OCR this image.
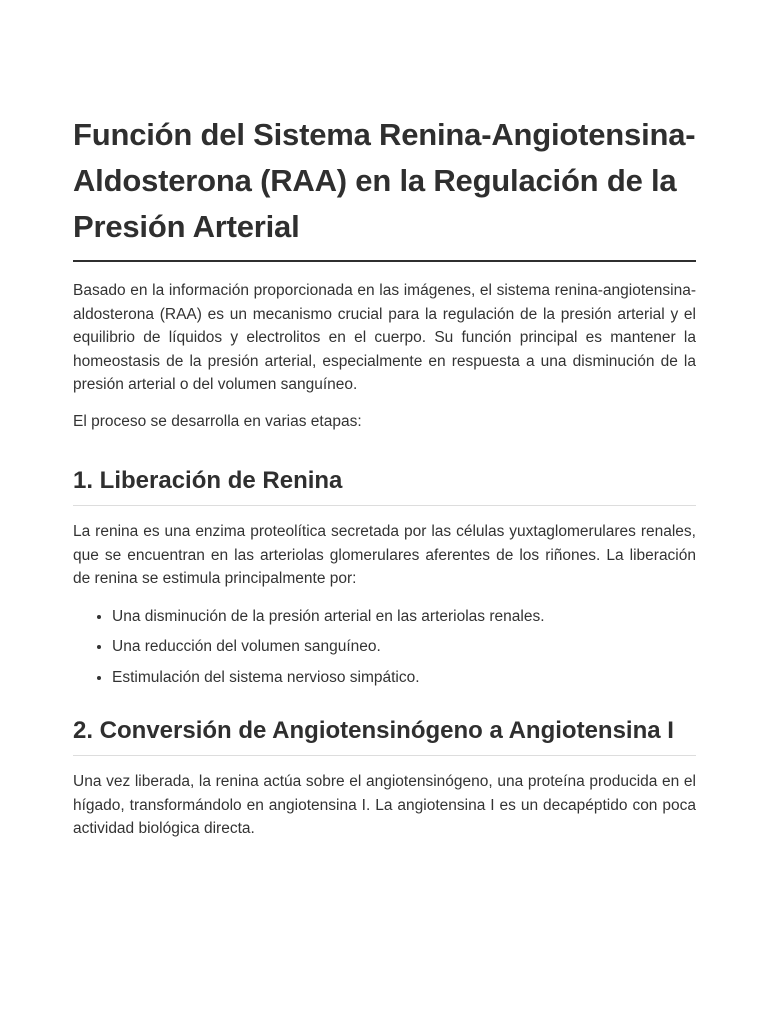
Función del Sistema Renina-Angiotensina-Aldosterona (RAA) en la Regulación de la Presión Arterial

Basado en la información proporcionada en las imágenes, el sistema renina-angiotensina-aldosterona (RAA) es un mecanismo crucial para la regulación de la presión arterial y el equilibrio de líquidos y electrolitos en el cuerpo. Su función principal es mantener la homeostasis de la presión arterial, especialmente en respuesta a una disminución de la presión arterial o del volumen sanguíneo.

El proceso se desarrolla en varias etapas:

1. Liberación de Renina

La renina es una enzima proteolítica secretada por las células yuxtaglomerulares renales, que se encuentran en las arteriolas glomerulares aferentes de los riñones. La liberación de renina se estimula principalmente por:

• Una disminución de la presión arterial en las arteriolas renales.
• Una reducción del volumen sanguíneo.
• Estimulación del sistema nervioso simpático.
2. Conversión de Angiotensinógeno a Angiotensina I

Una vez liberada, la renina actúa sobre el angiotensinógeno, una proteína producida en el hígado, transformándolo en angiotensina I. La angiotensina I es un decapéptido con poca actividad biológica directa.
